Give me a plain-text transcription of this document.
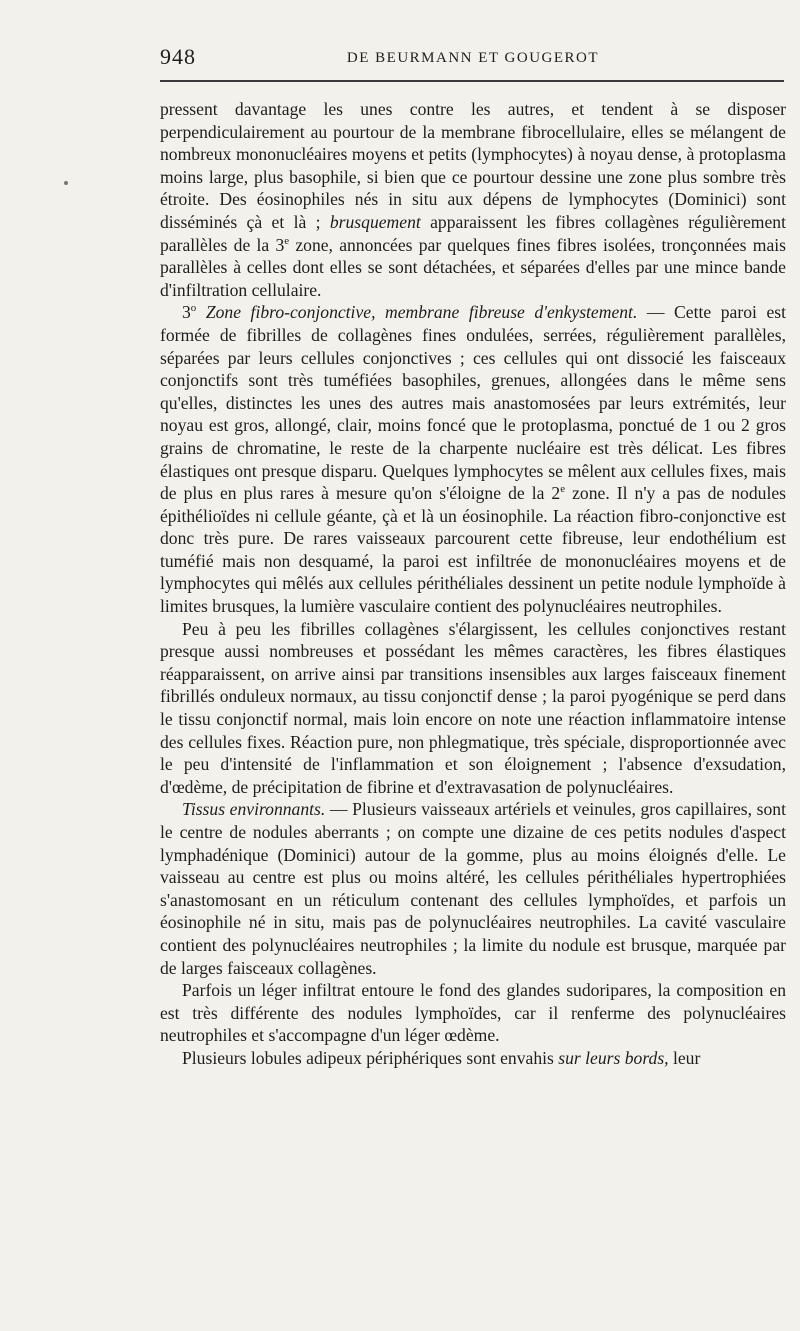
948	DE BEURMANN ET GOUGEROT

pressent davantage les unes contre les autres, et tendent à se disposer perpendiculairement au pourtour de la membrane fibrocellulaire, elles se mélangent de nombreux mononucléaires moyens et petits (lymphocytes) à noyau dense, à protoplasma moins large, plus basophile, si bien que ce pourtour dessine une zone plus sombre très étroite. Des éosinophiles nés in situ aux dépens de lymphocytes (Dominici) sont disséminés çà et là ; brusquement apparaissent les fibres collagènes régulièrement parallèles de la 3e zone, annoncées par quelques fines fibres isolées, tronçonnées mais parallèles à celles dont elles se sont détachées, et séparées d'elles par une mince bande d'infiltration cellulaire.

3$^o$ Zone fibro-conjonctive, membrane fibreuse d'enkystement. — Cette paroi est formée de fibrilles de collagènes fines ondulées, serrées, régulièrement parallèles, séparées par leurs cellules conjonctives ; ces cellules qui ont dissocié les faisceaux conjonctifs sont très tuméfiées basophiles, grenues, allongées dans le même sens qu'elles, distinctes les unes des autres mais anastomosées par leurs extrémités, leur noyau est gros, allongé, clair, moins foncé que le protoplasma, ponctué de 1 ou 2 gros grains de chromatine, le reste de la charpente nucléaire est très délicat. Les fibres élastiques ont presque disparu. Quelques lymphocytes se mêlent aux cellules fixes, mais de plus en plus rares à mesure qu'on s'éloigne de la 2e zone. Il n'y a pas de nodules épithélioïdes ni cellule géante, çà et là un éosinophile. La réaction fibro-conjonctive est donc très pure. De rares vaisseaux parcourent cette fibreuse, leur endothélium est tuméfié mais non desquamé, la paroi est infiltrée de mononucléaires moyens et de lymphocytes qui mêlés aux cellules périthéliales dessinent un petite nodule lymphoïde à limites brusques, la lumière vasculaire contient des polynucléaires neutrophiles.

Peu à peu les fibrilles collagènes s'élargissent, les cellules conjonctives restant presque aussi nombreuses et possédant les mêmes caractères, les fibres élastiques réapparaissent, on arrive ainsi par transitions insensibles aux larges faisceaux finement fibrillés onduleux normaux, au tissu conjonctif dense ; la paroi pyogénique se perd dans le tissu conjonctif normal, mais loin encore on note une réaction inflammatoire intense des cellules fixes. Réaction pure, non phlegmatique, très spéciale, disproportionnée avec le peu d'intensité de l'inflammation et son éloignement ; l'absence d'exsudation, d'œdème, de précipitation de fibrine et d'extravasation de polynucléaires.

Tissus environnants. — Plusieurs vaisseaux artériels et veinules, gros capillaires, sont le centre de nodules aberrants ; on compte une dizaine de ces petits nodules d'aspect lymphadénique (Dominici) autour de la gomme, plus au moins éloignés d'elle. Le vaisseau au centre est plus ou moins altéré, les cellules périthéliales hypertrophiées s'anastomosant en un réticulum contenant des cellules lymphoïdes, et parfois un éosinophile né in situ, mais pas de polynucléaires neutrophiles. La cavité vasculaire contient des polynucléaires neutrophiles ; la limite du nodule est brusque, marquée par de larges faisceaux collagènes.

Parfois un léger infiltrat entoure le fond des glandes sudoripares, la composition en est très différente des nodules lymphoïdes, car il renferme des polynucléaires neutrophiles et s'accompagne d'un léger œdème.

Plusieurs lobules adipeux périphériques sont envahis sur leurs bords, leur
